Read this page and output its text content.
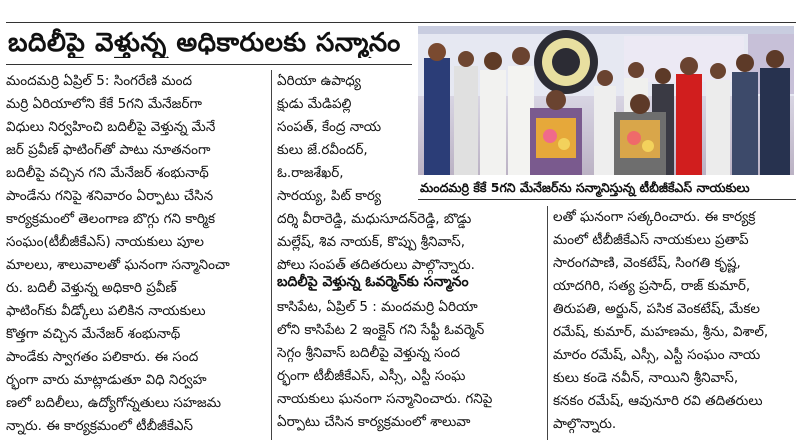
బదిలీపై వెళ్తున్న అధికారులకు సన్మానం
మందమర్రి కేకే 5గని మేనేజర్‌ను సన్మానిస్తున్న టీబీజీకేఎస్ నాయకులు

మందమర్రి ఏప్రిల్ 5: సింగరేణి మంద

మర్రి ఏరియాలోని కేకే 5గని మేనేజర్‌గా

విధులు నిర్వహించి బదిలీపై వెళ్తున్న మేనే

జర్ ప్రవీణ్ ఫాటింగ్‌తో పాటు నూతనంగా

బదిలీపై వచ్చిన గని మేనేజర్ శంభునాథ్

పాండేను గనిపై శనివారం ఏర్పాటు చేసిన

కార్యక్రమంలో తెలంగాణ బొగ్గు గని కార్మిక

సంఘం(టీబీజీకేఎస్) నాయకులు పూల

మాలలు, శాలువాలతో ఘనంగా సన్మానించా

రు. బదిలీ వెళ్తున్న అధికారి ప్రవీణ్

ఫాటింగ్‌కు వీడ్కోలు పలికిన నాయకులు

కొత్తగా వచ్చిన మేనేజర్ శంభునాథ్

పాండేకు స్వాగతం పలికారు. ఈ సంద

ర్భంగా వారు మాట్లాడుతూ విధి నిర్వహ

ణలో బదిలీలు, ఉద్యోగోన్నతులు సహజమ

న్నారు. ఈ కార్యక్రమంలో టీబీజీకేఎస్

ఏరియా ఉపాధ్య

క్షుడు మేడిపల్లి

సంపత్, కేంద్ర నాయ

కులు జే.రవీందర్,

ఓ.రాజశేఖర్,

సారయ్య, పిట్ కార్య

దర్శి వీరారెడ్డి, మధుసూదన్‌రెడ్డి, బొడ్డు

మల్లేష్, శివ నాయక్, కొప్పు శ్రీనివాస్,

పోలు సంపత్ తదితరులు పాల్గొన్నారు.

బదిలీపై వెళ్తున్న ఓవర్మెన్‌కు సన్మానం

కాసిపేట, ఏప్రిల్ 5 : మందమర్రి ఏరియా

లోని కాసిపేట 2 ఇంక్లైన్ గని సేఫ్టీ ఓవర్మెన్

సెగ్గం శ్రీనివాస్ బదిలీపై వెళ్తున్న సంద

ర్భంగా టీబీజీకేఎస్, ఎస్సీ, ఎస్టీ సంఘ

నాయకులు ఘనంగా సన్మానించారు. గనిపై

ఏర్పాటు చేసిన కార్యక్రమంలో శాలువా

లతో ఘనంగా సత్కరించారు. ఈ కార్యక్ర

మంలో టీబీజీకేఎస్ నాయకులు ప్రతాప్

సారంగపాణి, వెంకటేష్, సింగతి కృష్ణ,

యాదగిరి, సత్య ప్రసాద్, రాజ్ కుమార్,

తిరుపతి, అర్జున్, పసిక వెంకటేష్, మేకల

రమేష్, కుమార్, మహణమ, శ్రీను, విశాల్,

మారం రమేష్, ఎస్సీ, ఎస్టీ సంఘం నాయ

కులు కండె నవీన్, నాయిని శ్రీనివాస్,

కనకం రమేష్, ఆవునూరి రవి తదితరులు

పాల్గొన్నారు.
